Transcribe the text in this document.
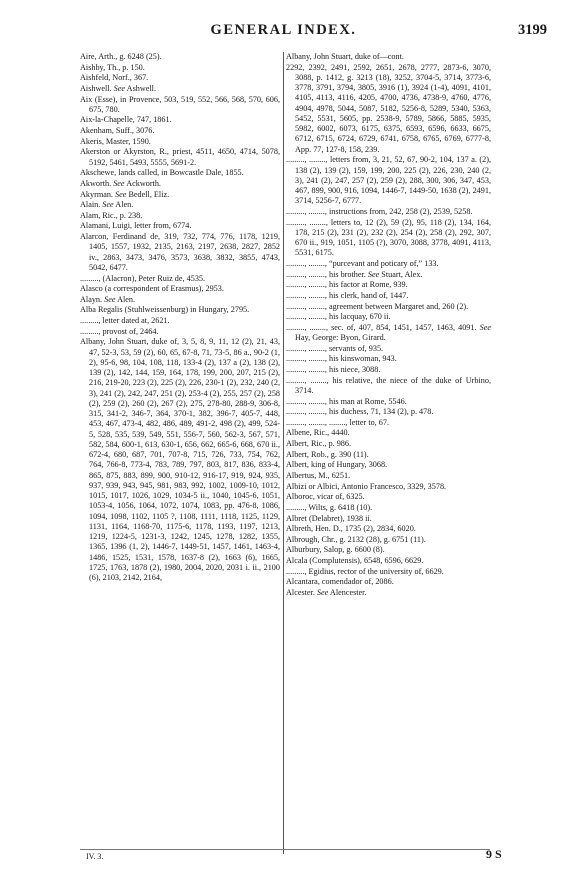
GENERAL INDEX.	3199
Aire, Arth., g. 6248 (25).
Aishby, Th., p. 150.
Aishfeld, Norf., 367.
Aishwell. See Ashwell.
Aix (Esse), in Provence, 503, 519, 552, 566, 568, 570, 606, 675, 780.
Aix-la-Chapelle, 747, 1861.
Akenham, Suff., 3076.
Akeris, Master, 1590.
Akerston or Akyrston, R., priest, 4511, 4650, 4714, 5078, 5192, 5461, 5493, 5555, 5691-2.
Akschewe, lands called, in Bowcastle Dale, 1855.
Akworth. See Ackworth.
Akyrman. See Bedell, Eliz.
Alain. See Alen.
Alam, Ric., p. 238.
Alamani, Luigi, letter from, 6774.
Alarcon, Ferdinand de, 319, 732, 774, 776, 1178, 1219, 1405, 1557, 1932, 2135, 2163, 2197, 2638, 2827, 2852 iv., 2863, 3473, 3476, 3573, 3638, 3832, 3855, 4743, 5042, 6477.
........., (Alacron), Peter Ruiz de, 4535.
Alasco (a correspondent of Erasmus), 2953.
Alayn. See Alen.
Alba Regalis (Stuhlweissenburg) in Hungary, 2795.
........., letter dated at, 2621.
........., provost of, 2464.
Albany, John Stuart, duke of, 3, 5, 8, 9, 11, 12 (2), 21, 43, 47, 52-3, 53, 59 (2), 60, 65, 67-8, 71, 73-5, 86 a., 90-2 (1, 2), 95-6, 98, 104, 108, 118, 133-4 (2), 137 a (2), 138 (2), 139 (2), 142, 144, 159, 164, 178, 199, 200, 207, 215 (2), 216, 219-20, 223 (2), 225 (2), 226, 230-1 (2), 232, 240 (2, 3), 241 (2), 242, 247, 251 (2), 253-4 (2), 255, 257 (2), 258 (2), 259 (2), 260 (2), 267 (2), 275, 278-80, 288-9, 306-8, 315, 341-2, 346-7, 364, 370-1, 382, 396-7, 405-7, 448, 453, 467, 473-4, 482, 486, 489, 491-2, 498 (2), 499, 524-5, 528, 535, 539, 549, 551, 556-7, 560, 562-3, 567, 571, 582, 584, 600-1, 613, 630-1, 656, 662, 665-6, 668, 670 ii., 672-4, 680, 687, 701, 707-8, 715, 726, 733, 754, 762, 764, 766-8, 773-4, 783, 789, 797, 803, 817, 836, 833-4, 865, 875, 883, 899, 900, 910-12, 916-17, 919, 924, 935, 937, 939, 943, 945, 981, 983, 992, 1002, 1009-10, 1012, 1015, 1017, 1026, 1029, 1034-5 ii., 1040, 1045-6, 1051, 1053-4, 1056, 1064, 1072, 1074, 1083, pp. 476-8, 1086, 1094, 1098, 1102, 1105 ?, 1108, 1111, 1118, 1125, 1129, 1131, 1164, 1168-70, 1175-6, 1178, 1193, 1197, 1213, 1219, 1224-5, 1231-3, 1242, 1245, 1278, 1282, 1355, 1365, 1396 (1, 2), 1446-7, 1449-51, 1457, 1461, 1463-4, 1486, 1525, 1531, 1578, 1637-8 (2), 1663 (6), 1665, 1725, 1763, 1878 (2), 1980, 2004, 2020, 2031 i. ii., 2100 (6), 2103, 2142, 2164,
Albany, John Stuart, duke of—cont.
2292, 2392, 2491, 2592, 2651, 2678, 2777, 2873-6, 3070, 3088, p. 1412, g. 3213 (18), 3252, 3704-5, 3714, 3773-6, 3778, 3791, 3794, 3805, 3916 (1), 3924 (1-4), 4091, 4101, 4105, 4113, 4116, 4205, 4700, 4736, 4738-9, 4760, 4776, 4904, 4978, 5044, 5087, 5182, 5256-8, 5289, 5340, 5363, 5452, 5531, 5605, pp. 2538-9, 5789, 5866, 5885, 5935, 5982, 6002, 6073, 6175, 6375, 6593, 6596, 6633, 6675, 6712, 6715, 6724, 6729, 6741, 6758, 6765, 6769, 6777-8, App. 77, 127-8, 158, 239.
........., ........, letters from, 3, 21, 52, 67, 90-2, 104, 137 a. (2), 138 (2), 139 (2), 159, 199, 200, 225 (2), 226, 230, 240 (2, 3), 241 (2), 247, 257 (2), 259 (2), 288, 300, 306, 347, 453, 467, 899, 900, 916, 1094, 1446-7, 1449-50, 1638 (2), 2491, 3714, 5256-7, 6777.
........., ........, instructions from, 242, 258 (2), 2539, 5258.
........., ........, letters to, 12 (2), 59 (2), 95, 118 (2), 134, 164, 178, 215 (2), 231 (2), 232 (2), 254 (2), 258 (2), 292, 307, 670 ii., 919, 1051, 1105 (?), 3070, 3088, 3778, 4091, 4113, 5531, 6175.
........., ........, “purcevant and poticary of,” 133.
........., ........, his brother. See Stuart, Alex.
........., ........, his factor at Rome, 939.
........., ........, his clerk, hand of, 1447.
........., ........, agreement between Margaret and, 260 (2).
........., ........, his lacquay, 670 ii.
........., ........, sec. of, 407, 854, 1451, 1457, 1463, 4091. See Hay, George: Byon, Girard.
........., ........, servants of, 935.
........., ........, his kinswoman, 943.
........., ........, his niece, 3088.
........., ........, his relative, the niece of the duke of Urbino, 3714.
........., ........, his man at Rome, 5546.
........., ........, his duchess, 71, 134 (2), p. 478.
........., ........, ........, letter to, 67.
Albene, Ric., 4440.
Albert, Ric., p. 986.
Albert, Rob., g. 390 (11).
Albert, king of Hungary, 3068.
Albertus, M., 6251.
Albizi or Albici, Antonio Francesco, 3329, 3578.
Alboroc, vicar of, 6325.
........., Wilts, g. 6418 (10).
Albret (Delabret), 1938 ii.
Albreth, Hen. D., 1735 (2), 2834, 6020.
Albrough, Chr., g. 2132 (28), g. 6751 (11).
Alburbury, Salop, g. 6600 (8).
Alcala (Complutensis), 6548, 6596, 6629.
........., Egidius, rector of the university of, 6629.
Alcantara, comendador of, 2086.
Alcester. See Alencester.
IV. 3.	9 S
